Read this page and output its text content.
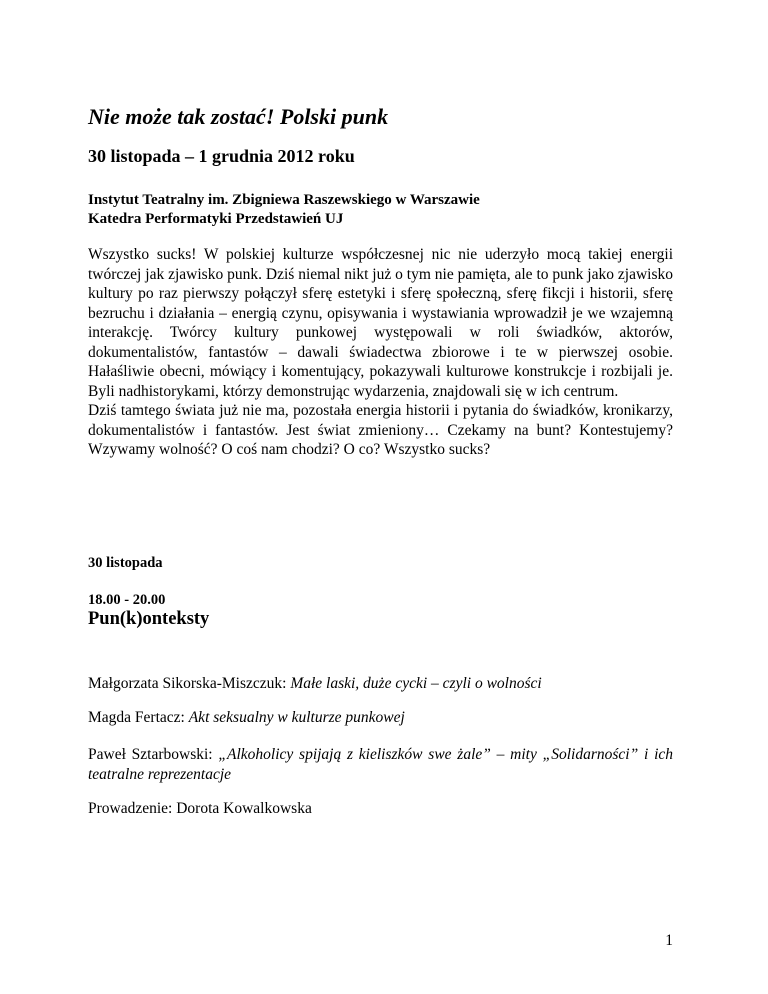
Nie może tak zostać! Polski punk
30 listopada – 1 grudnia 2012 roku
Instytut Teatralny im. Zbigniewa Raszewskiego w Warszawie
Katedra Performatyki Przedstawień UJ

Wszystko sucks! W polskiej kulturze współczesnej nic nie uderzyło mocą takiej energii twórczej jak zjawisko punk. Dziś niemal nikt już o tym nie pamięta, ale to punk jako zjawisko kultury po raz pierwszy połączył sferę estetyki i sferę społeczną, sferę fikcji i historii, sferę bezruchu i działania – energią czynu, opisywania i wystawiania wprowadził je we wzajemną interakcję. Twórcy kultury punkowej występowali w roli świadków, aktorów, dokumentalistów, fantastów – dawali świadectwa zbiorowe i te w pierwszej osobie. Hałaśliwie obecni, mówiący i komentujący, pokazywali kulturowe konstrukcje i rozbijali je. Byli nadhistorykami, którzy demonstrując wydarzenia, znajdowali się w ich centrum.

Dziś tamtego świata już nie ma, pozostała energia historii i pytania do świadków, kronikarzy, dokumentalistów i fantastów. Jest świat zmieniony… Czekamy na bunt? Kontestujemy? Wzywamy wolność? O coś nam chodzi? O co? Wszystko sucks?

30 listopada
18.00 - 20.00
Pun(k)onteksty
Małgorzata Sikorska-Miszczuk: Małe laski, duże cycki – czyli o wolności
Magda Fertacz: Akt seksualny w kulturze punkowej
Paweł Sztarbowski: „Alkoholicy spijają z kieliszków swe żale” – mity „Solidarności” i ich teatralne reprezentacje
Prowadzenie: Dorota Kowalkowska
1
